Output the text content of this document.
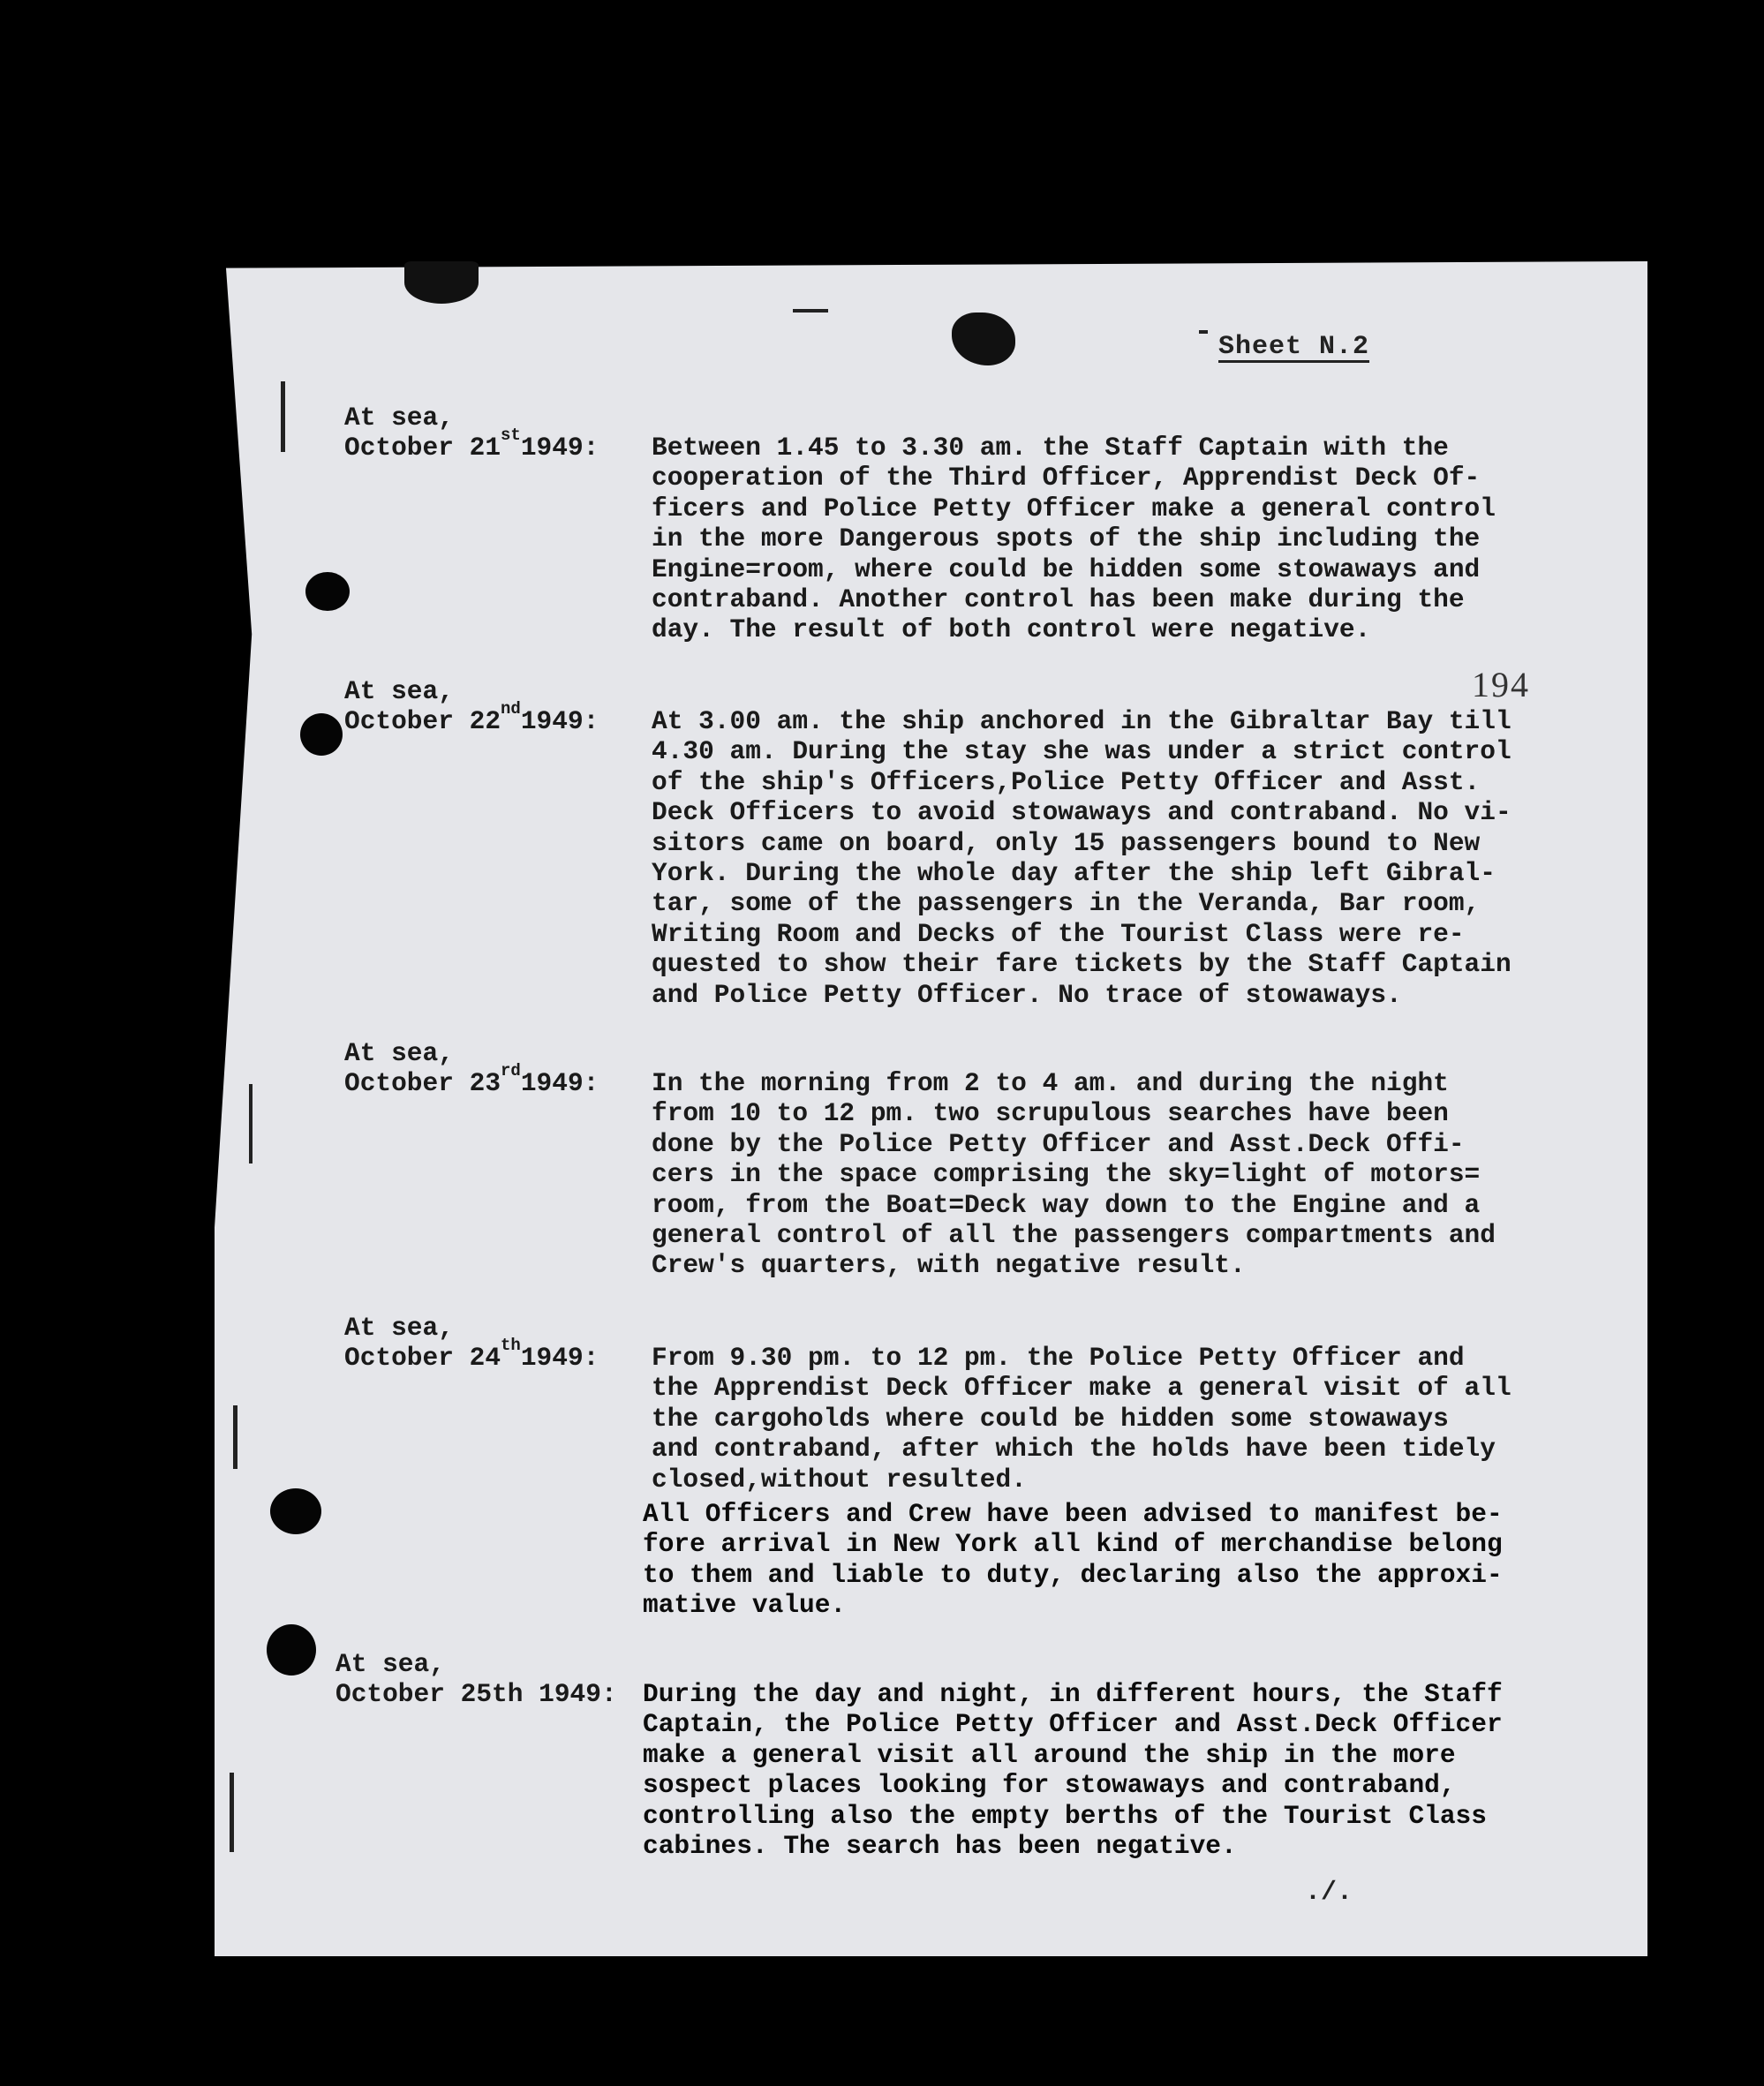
Sheet N.2
194
At sea,
October 21st1949: Between 1.45 to 3.30 am. the Staff Captain with the
cooperation of the Third Officer, Apprendist Deck Of-
ficers and Police Petty Officer make a general control
in the more Dangerous spots of the ship including the
Engine=room, where could be hidden some stowaways and
contraband. Another control has been make during the
day. The result of both control were negative.

At sea,
October 22nd1949: At 3.00 am. the ship anchored in the Gibraltar Bay till
4.30 am. During the stay she was under a strict control
of the ship's Officers,Police Petty Officer and Asst.
Deck Officers to avoid stowaways and contraband. No vi-
sitors came on board, only 15 passengers bound to New
York. During the whole day after the ship left Gibral-
tar, some of the passengers in the Veranda, Bar room,
Writing Room and Decks of the Tourist Class were re-
quested to show their fare tickets by the Staff Captain
and Police Petty Officer. No trace of stowaways.

At sea,
October 23rd1949: In the morning from 2 to 4 am. and during the night
from 10 to 12 pm. two scrupulous searches have been
done by the Police Petty Officer and Asst.Deck Offi-
cers in the space comprising the sky=light of motors=
room, from the Boat=Deck way down to the Engine and a
general control of all the passengers compartments and
Crew's quarters, with negative result.

At sea,
October 24th1949: From 9.30 pm. to 12 pm. the Police Petty Officer and
the Apprendist Deck Officer make a general visit of all
the cargoholds where could be hidden some stowaways
and contraband, after which the holds have been tidely
closed,without resulted.

All Officers and Crew have been advised to manifest be-
fore arrival in New York all kind of merchandise belong
to them and liable to duty, declaring also the approxi-
mative value.

At sea,
October 25th 1949: During the day and night, in different hours, the Staff
Captain, the Police Petty Officer and Asst.Deck Officer
make a general visit all around the ship in the more
sospect places looking for stowaways and contraband,
controlling also the empty berths of the Tourist Class
cabines. The search has been negative.

./.
